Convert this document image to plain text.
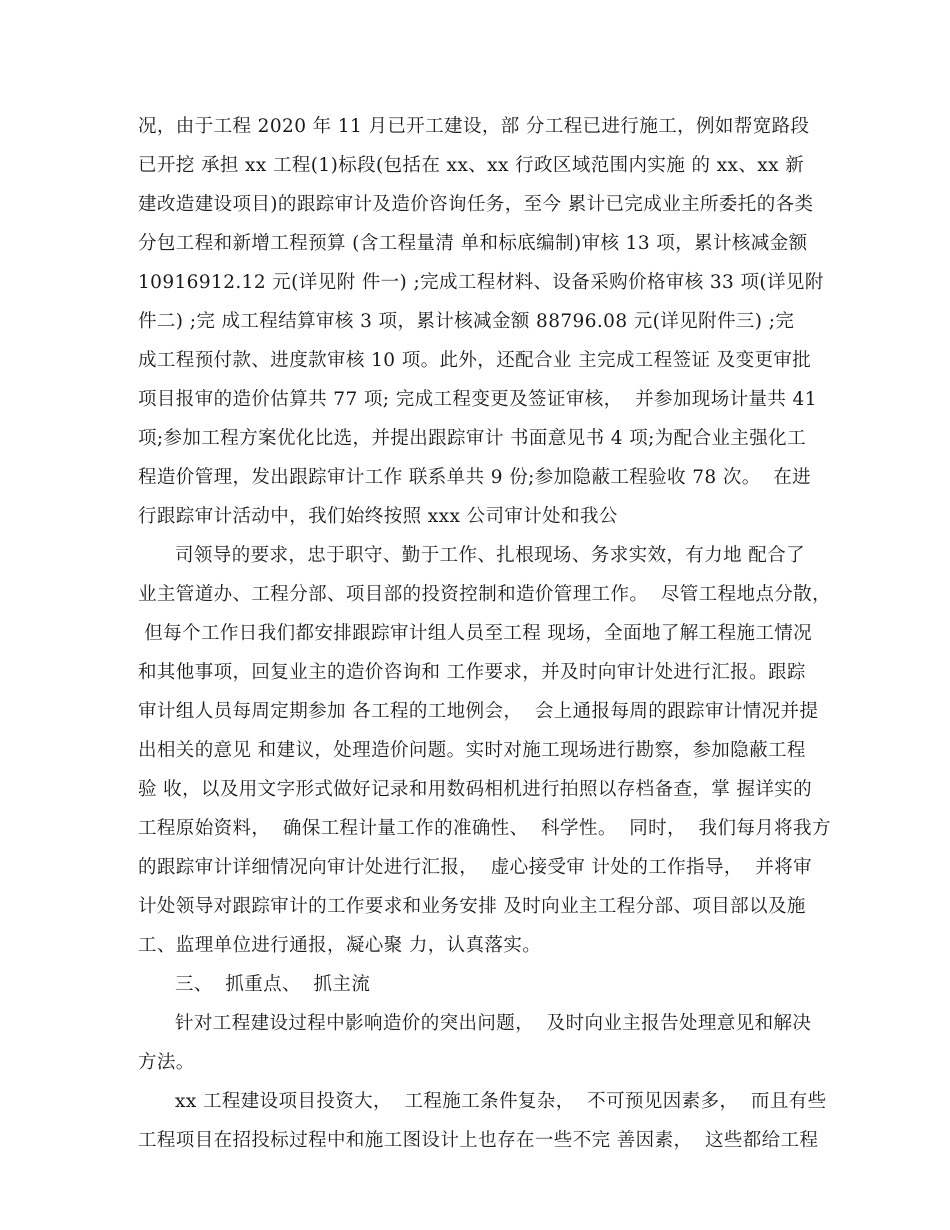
况，由于工程 2020 年 11 月已开工建设，部 分工程已进行施工，例如帮宽路段
已开挖 承担 xx 工程(1)标段(包括在 xx、xx 行政区域范围内实施 的 xx、xx 新
建改造建设项目)的跟踪审计及造价咨询任务，至今 累计已完成业主所委托的各类
分包工程和新增工程预算 (含工程量清 单和标底编制)审核 13 项，累计核减金额
10916912.12 元(详见附 件一) ;完成工程材料、设备采购价格审核 33 项(详见附
件二) ;完 成工程结算审核 3 项，累计核减金额 88796.08 元(详见附件三) ;完
成工程预付款、进度款审核 10 项。此外，还配合业 主完成工程签证 及变更审批
项目报审的造价估算共 77 项; 完成工程变更及签证审核，  并参加现场计量共 41
项;参加工程方案优化比选，并提出跟踪审计 书面意见书 4 项;为配合业主强化工
程造价管理，发出跟踪审计工作 联系单共 9 份;参加隐蔽工程验收 78 次。  在进
行跟踪审计活动中，我们始终按照 xxx 公司审计处和我公
司领导的要求，忠于职守、勤于工作、扎根现场、务求实效，有力地 配合了
业主管道办、工程分部、项目部的投资控制和造价管理工作。  尽管工程地点分散，
但每个工作日我们都安排跟踪审计组人员至工程 现场，全面地了解工程施工情况
和其他事项，回复业主的造价咨询和 工作要求，并及时向审计处进行汇报。跟踪
审计组人员每周定期参加 各工程的工地例会，  会上通报每周的跟踪审计情况并提
出相关的意见 和建议，处理造价问题。实时对施工现场进行勘察，参加隐蔽工程
验 收，以及用文字形式做好记录和用数码相机进行拍照以存档备查，掌 握详实的
工程原始资料，  确保工程计量工作的准确性、  科学性。  同时，  我们每月将我方
的跟踪审计详细情况向审计处进行汇报，  虚心接受审 计处的工作指导，  并将审
计处领导对跟踪审计的工作要求和业务安排 及时向业主工程分部、项目部以及施
工、监理单位进行通报，凝心聚 力，认真落实。
三、  抓重点、  抓主流
针对工程建设过程中影响造价的突出问题，  及时向业主报告处理意见和解决
方法。
xx 工程建设项目投资大，  工程施工条件复杂，  不可预见因素多，  而且有些
工程项目在招投标过程中和施工图设计上也存在一些不完 善因素，  这些都给工程
